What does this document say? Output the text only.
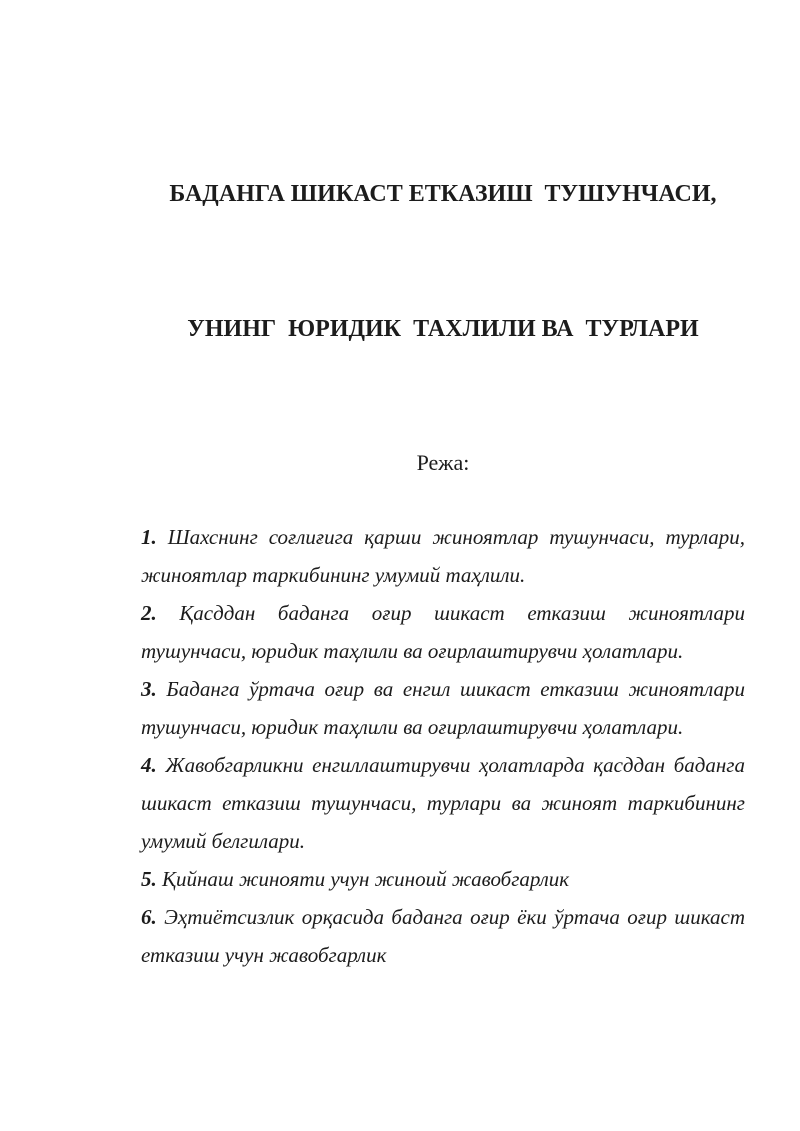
БАДАНГА ШИКАСТ ЕТКАЗИШ  ТУШУНЧАСИ,

УНИНГ  ЮРИДИК  ТАХЛИЛИ ВА  ТУРЛАРИ

Режа:

1. Шахснинг соғлиғига қарши жиноятлар тушунчаси, турлари, жиноятлар таркибининг умумий таҳлили.

2. Қасддан баданга оғир шикаст етказиш жиноятлари тушунчаси, юридик таҳлили ва оғирлаштирувчи ҳолатлари.

3. Баданга ўртача оғир ва енгил шикаст етказиш жиноятлари тушунчаси, юридик таҳлили ва оғирлаштирувчи ҳолатлари.

4. Жавобгарликни енгиллаштирувчи ҳолатларда қасддан баданга шикаст етказиш тушунчаси, турлари ва жиноят таркибининг умумий белгилари.

5. Қийнаш жинояти учун жиноий жавобгарлик

6. Эҳтиётсизлик орқасида баданга оғир ёки ўртача оғир шикаст етказиш учун жавобгарлик
